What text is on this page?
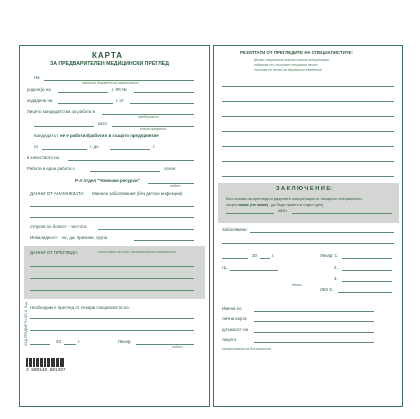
КАРТА
ЗА ПРЕДВАРИТЕЛЕН МЕДИЦИНСКИ ПРЕГЛЕД
На
имена по документ за самоличност
роден(а) на	г. ЛК №
издадена на	г. от
Лицето кандидатства за работа в
предприятие
като
точна професия
Кандидатът не е работил/работил в същото предприятие
от	г. до	г.
в качеството на
Работи в една работа с	сезон
Р-л отдел "Човешки ресурси"
подпис
ДАННИ ОТ АНАМНЕЗАТА: Минали заболявания (без детски инфекции)
отпуски по болест - честота:
Инвалидност: не, да, причини, група
ДАННИ ОТ ПРЕГЛЕДА:	отсъствие на съпр. патологичните отклонения
Необходим е преглед от лекари специалисти по:
20	г.	Лекар:
подпис
ИЗД.ПРЕДМЕТИ ОЛ 11 Изд.
3 800146 801397
РЕЗУЛТАТИ ОТ ПРЕГЛЕДИТЕ НА СПЕЦИАЛИСТИТЕ:
(Всеки специалист вписва своите консултации,
подписва се и поставя специална печат
постави се печат на здравното заведение
З А К Л Ю Ч Е Н И Е:
Въз основа на прегледа и дадените консултации от лекарите специалисти,
лицето може (не може) да бъде прието в отдел (цех)
като
Заболяване:
20	г.	Лекар: 1.
гр.	2.
3.
печат
ЛКК 3.
Имена по
лична карта
длъжност на
лицето
Наименование на длъжността
